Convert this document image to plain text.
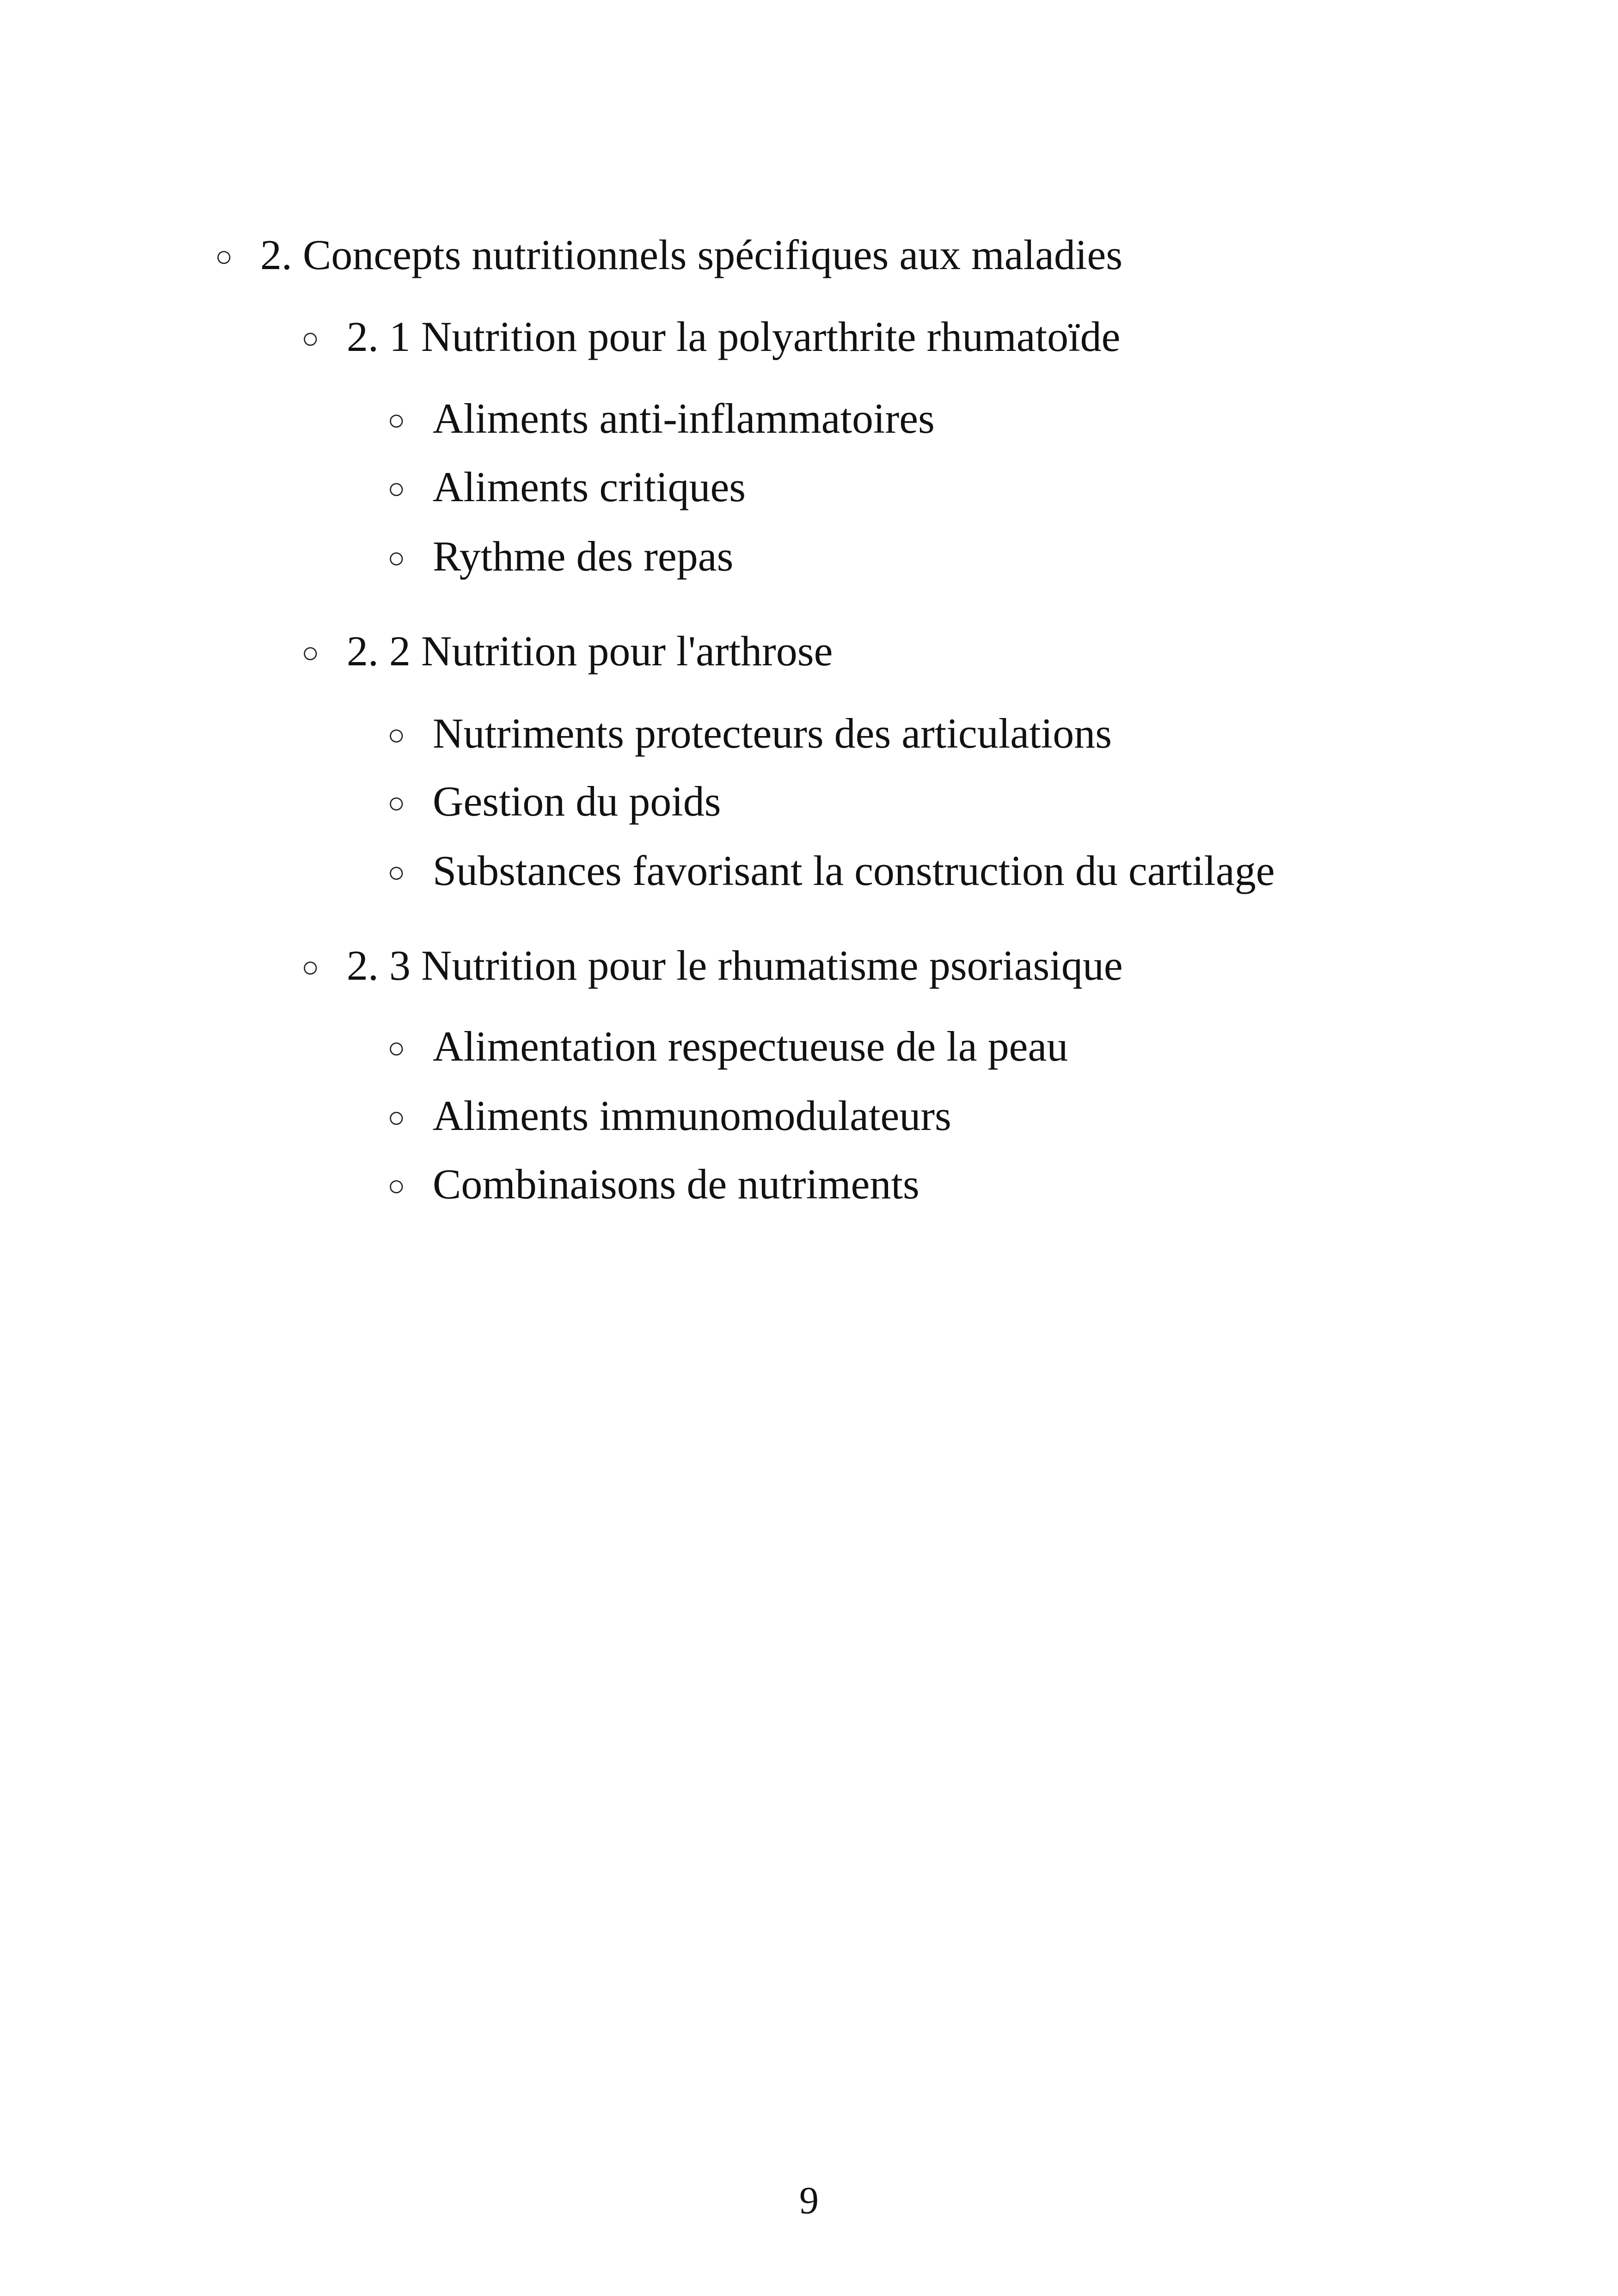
○ 2. Concepts nutritionnels spécifiques aux maladies
○ 2. 1 Nutrition pour la polyarthrite rhumatoïde
○ Aliments anti-inflammatoires
○ Aliments critiques
○ Rythme des repas
○ 2. 2 Nutrition pour l'arthrose
○ Nutriments protecteurs des articulations
○ Gestion du poids
○ Substances favorisant la construction du cartilage
○ 2. 3 Nutrition pour le rhumatisme psoriasique
○ Alimentation respectueuse de la peau
○ Aliments immunomodulateurs
○ Combinaisons de nutriments
9
